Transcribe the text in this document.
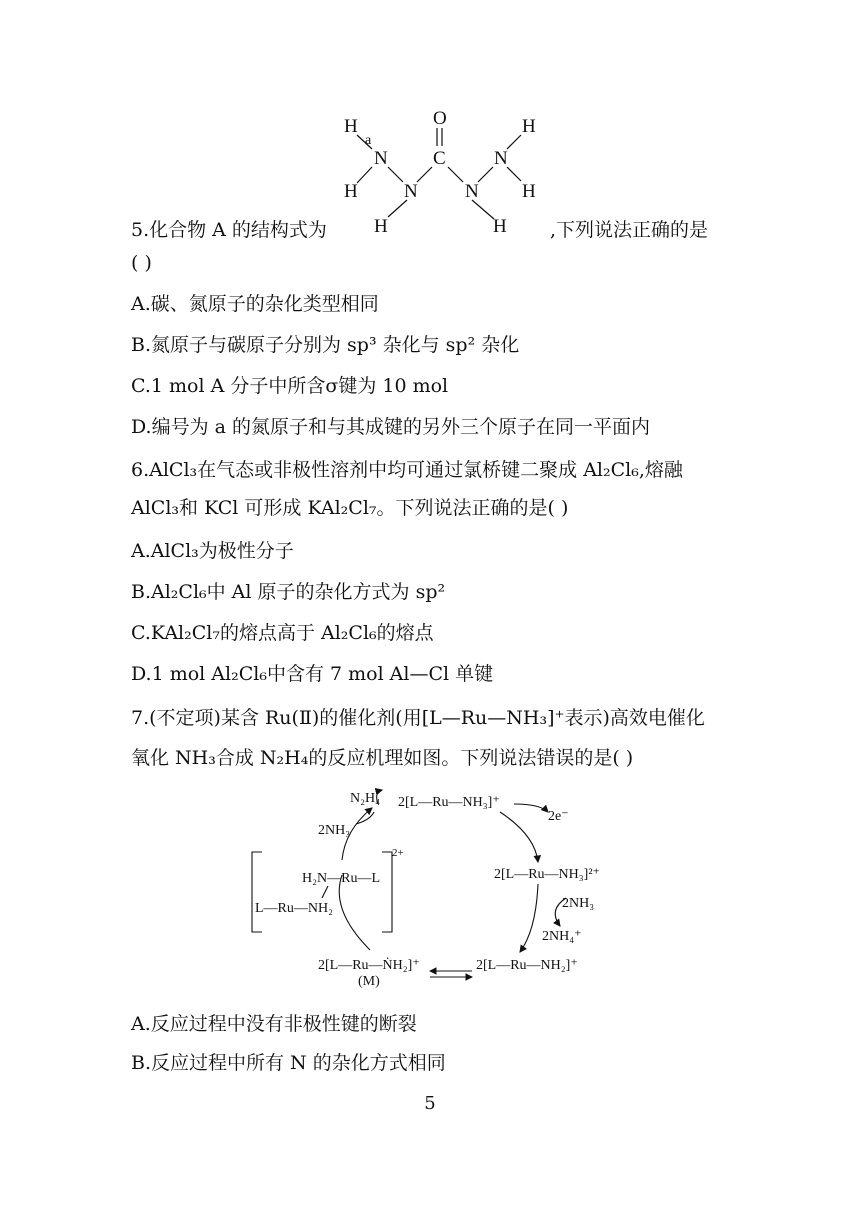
H
a
N
H N
H
O
C
N
H
N
H
H
5.化合物 A 的结构式为	,下列说法正确的是
( )
A.碳、氮原子的杂化类型相同
B.氮原子与碳原子分别为 sp³ 杂化与 sp² 杂化
C.1 mol A 分子中所含σ键为 10 mol
D.编号为 a 的氮原子和与其成键的另外三个原子在同一平面内
6.AlCl₃在气态或非极性溶剂中均可通过氯桥键二聚成 Al₂Cl₆,熔融
AlCl₃和 KCl 可形成 KAl₂Cl₇。下列说法正确的是( )
A.AlCl₃为极性分子
B.Al₂Cl₆中 Al 原子的杂化方式为 sp²
C.KAl₂Cl₇的熔点高于 Al₂Cl₆的熔点
D.1 mol Al₂Cl₆中含有 7 mol Al—Cl 单键
7.(不定项)某含 Ru(Ⅱ)的催化剂(用[L—Ru—NH₃]⁺表示)高效电催化
氧化 NH₃合成 N₂H₄的反应机理如图。下列说法错误的是( )
2[L—Ru—NH₃]⁺
2[L—Ru—NH₃]²⁺
2[L—Ru—NH₂]⁺
2[L—Ru—ṄH₂]⁺
(M)
2e⁻
2NH₃
2NH₄⁺
N₂H₄
2NH₃
H₂N—Ru—L
L—Ru—NH₂
2+
A.反应过程中没有非极性键的断裂
B.反应过程中所有 N 的杂化方式相同
5
